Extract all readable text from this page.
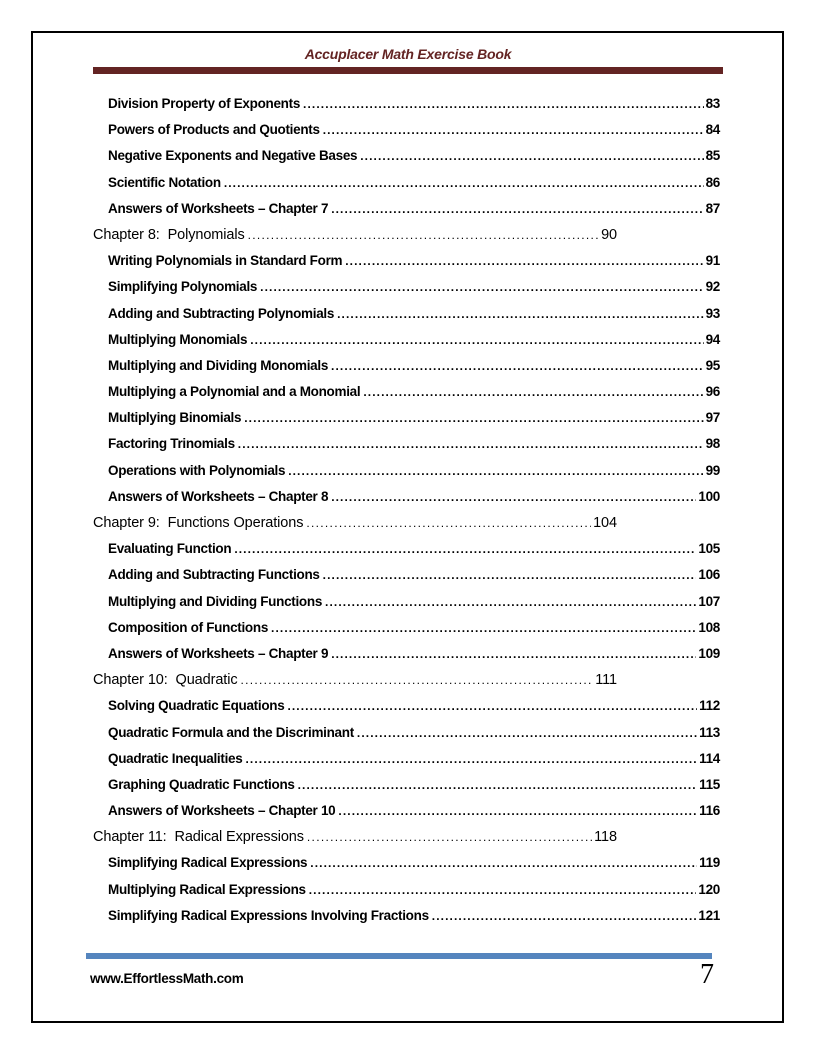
Accuplacer Math Exercise Book
Division Property of Exponents .....	83
Powers of Products and Quotients .....	84
Negative Exponents and Negative Bases .....	85
Scientific Notation .....	86
Answers of Worksheets – Chapter 7 .....	87
Chapter 8:  Polynomials .....	90
Writing Polynomials in Standard Form .....	91
Simplifying Polynomials .....	92
Adding and Subtracting Polynomials .....	93
Multiplying Monomials .....	94
Multiplying and Dividing Monomials .....	95
Multiplying a Polynomial and a Monomial .....	96
Multiplying Binomials .....	97
Factoring Trinomials .....	98
Operations with Polynomials .....	99
Answers of Worksheets – Chapter 8 .....	100
Chapter 9:  Functions Operations .....	104
Evaluating Function .....	105
Adding and Subtracting Functions .....	106
Multiplying and Dividing Functions .....	107
Composition of Functions .....	108
Answers of Worksheets – Chapter 9 .....	109
Chapter 10:  Quadratic .....	111
Solving Quadratic Equations .....	112
Quadratic Formula and the Discriminant .....	113
Quadratic Inequalities .....	114
Graphing Quadratic Functions .....	115
Answers of Worksheets – Chapter 10 .....	116
Chapter 11:  Radical Expressions .....	118
Simplifying Radical Expressions .....	119
Multiplying Radical Expressions .....	120
Simplifying Radical Expressions Involving Fractions .....	121
www.EffortlessMath.com	7
